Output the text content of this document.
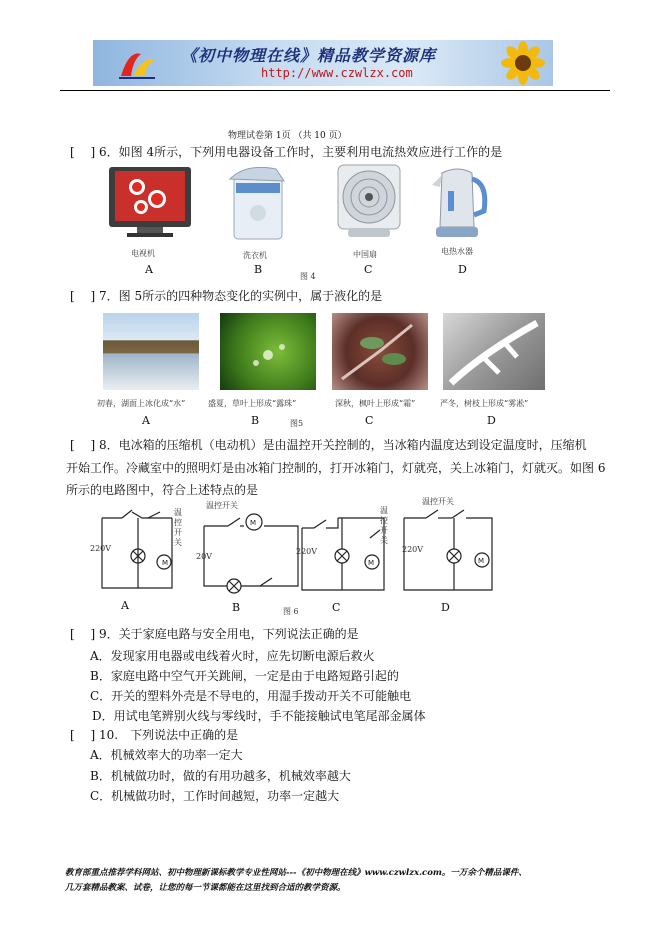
《初中物理在线》精品教学资源库
http://www.czwlzx.com
物理试卷第 1页 （共 10 页）
[　 ] 6．如图 4所示，下列用电器设备工作时，主要利用电流热效应进行工作的是
电视机	洗衣机	中国扇	电热水器
A	B
图 4
C	D
[　 ] 7．图 5所示的四种物态变化的实例中，属于液化的是
初春，湖面上冰化成“水”	盛夏，草叶上形成“露珠”	深秋，枫叶上形成“霜”	严冬，树枝上形成“雾凇”
A	B	图5	C	D
[　 ] 8．电冰箱的压缩机（电动机）是由温控开关控制的，当冰箱内温度达到设定温度时，压缩机
开始工作。冷藏室中的照明灯是由冰箱门控制的，打开冰箱门，灯就亮，关上冰箱门，灯就灭。如图 6
所示的电路图中，符合上述特点的是
M
M
M	M
220V
20V
220V	220V
温控开关
温控开关
温控开关
温控开关
A	B	图 6	C	D
[　 ] 9．关于家庭电路与安全用电，下列说法正确的是
A．发现家用电器或电线着火时，应先切断电源后救火
B．家庭电路中空气开关跳闸，一定是由于电路短路引起的
C．开关的塑料外壳是不导电的，用湿手拨动开关不可能触电
D．用试电笔辨别火线与零线时，手不能接触试电笔尾部金属体
[　 ] 10.　下列说法中正确的是
A．机械效率大的功率一定大
B．机械做功时，做的有用功越多，机械效率越大
C．机械做功时，工作时间越短，功率一定越大
教育部重点推荐学科网站、初中物理新课标教学专业性网站---《初中物理在线》www.czwlzx.com。一万余个精品课件、
几万套精品教案、试卷，让您的每一节课都能在这里找到合适的教学资源。
